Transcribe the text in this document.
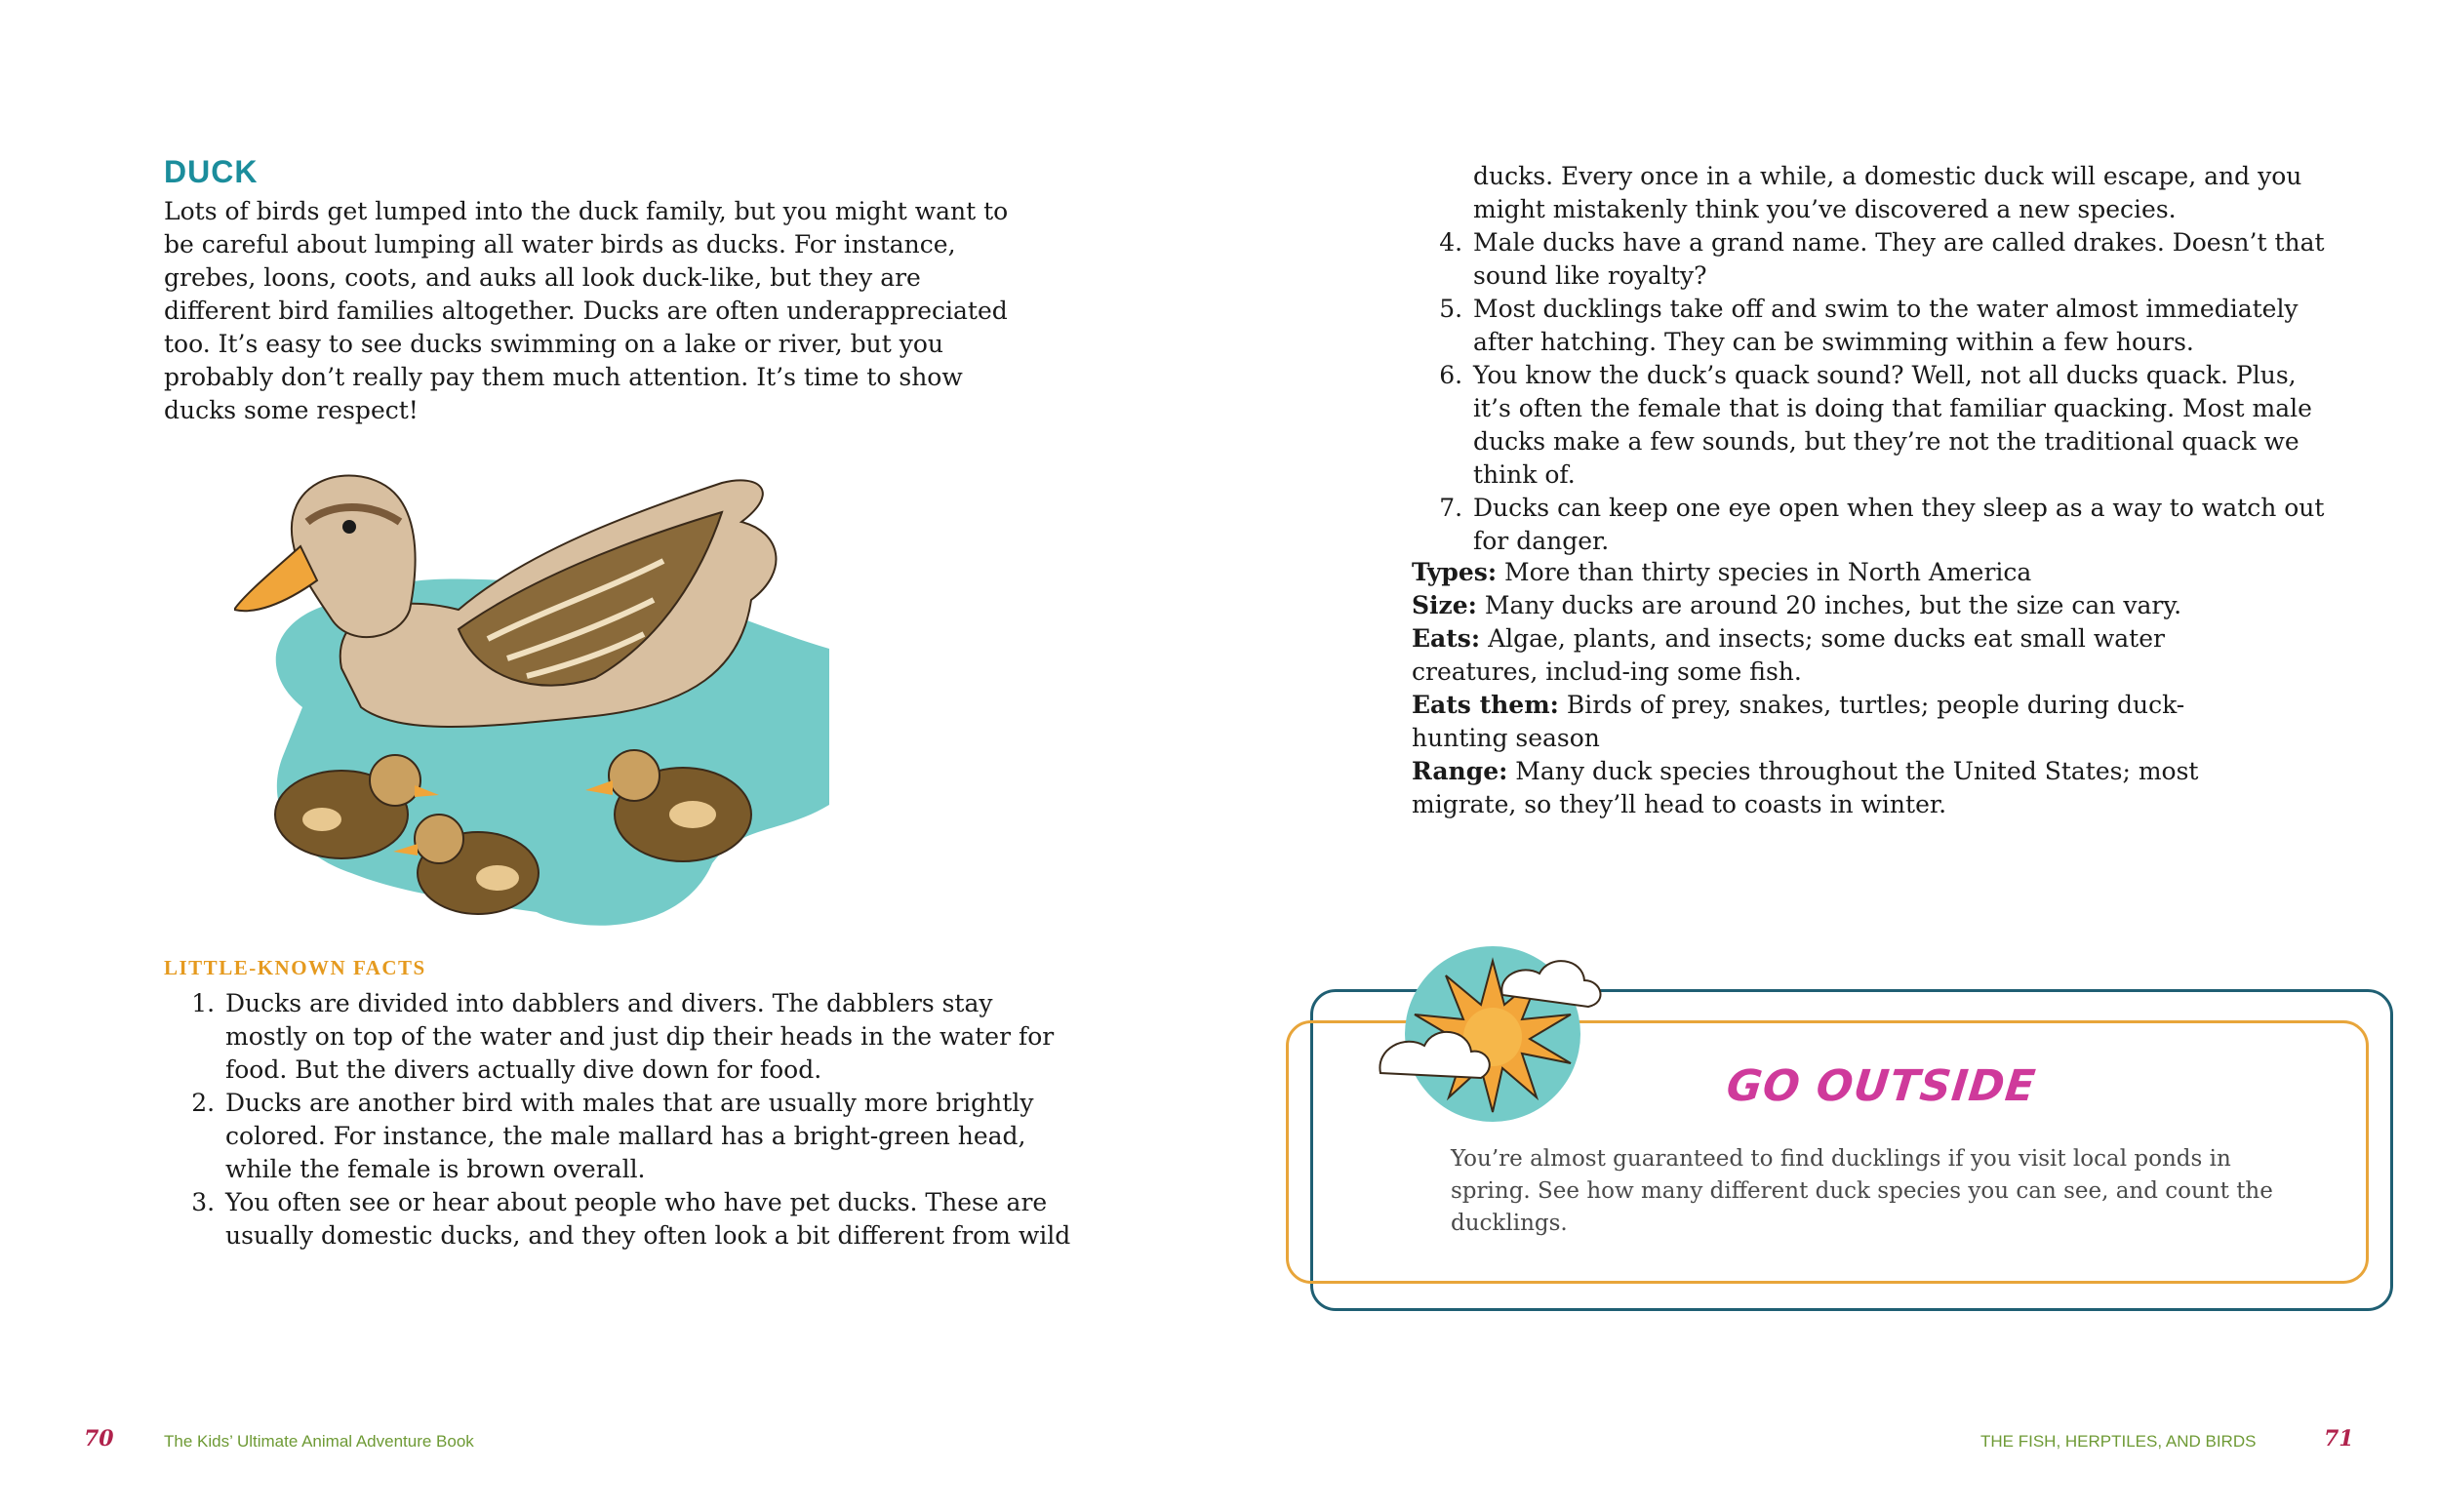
DUCK

Lots of birds get lumped into the duck family, but you might want to be careful about lumping all water birds as ducks. For instance, grebes, loons, coots, and auks all look duck-like, but they are different bird families altogether. Ducks are often underappreciated too. It’s easy to see ducks swimming on a lake or river, but you probably don’t really pay them much attention. It’s time to show ducks some respect!

LITTLE-KNOWN FACTS
1. Ducks are divided into dabblers and divers. The dabblers stay mostly on top of the water and just dip their heads in the water for food. But the divers actually dive down for food.
2. Ducks are another bird with males that are usually more brightly colored. For instance, the male mallard has a bright-green head, while the female is brown overall.
3. You often see or hear about people who have pet ducks. These are usually domestic ducks, and they often look a bit different from wild
70	The Kids’ Ultimate Animal Adventure Book
ducks. Every once in a while, a domestic duck will escape, and you might mistakenly think you’ve discovered a new species.
4. Male ducks have a grand name. They are called drakes. Doesn’t that sound like royalty?
5. Most ducklings take off and swim to the water almost immediately after hatching. They can be swimming within a few hours.
6. You know the duck’s quack sound? Well, not all ducks quack. Plus, it’s often the female that is doing that familiar quacking. Most male ducks make a few sounds, but they’re not the traditional quack we think of.
7. Ducks can keep one eye open when they sleep as a way to watch out for danger.

Types: More than thirty species in North America

Size: Many ducks are around 20 inches, but the size can vary.

Eats: Algae, plants, and insects; some ducks eat small water creatures, includ-ing some fish.

Eats them: Birds of prey, snakes, turtles; people during duck-hunting season

Range: Many duck species throughout the United States; most migrate, so they’ll head to coasts in winter.

GO OUTSIDE

You’re almost guaranteed to find ducklings if you visit local ponds in spring. See how many different duck species you can see, and count the ducklings.

THE FISH, HERPTILES, AND BIRDS	71
